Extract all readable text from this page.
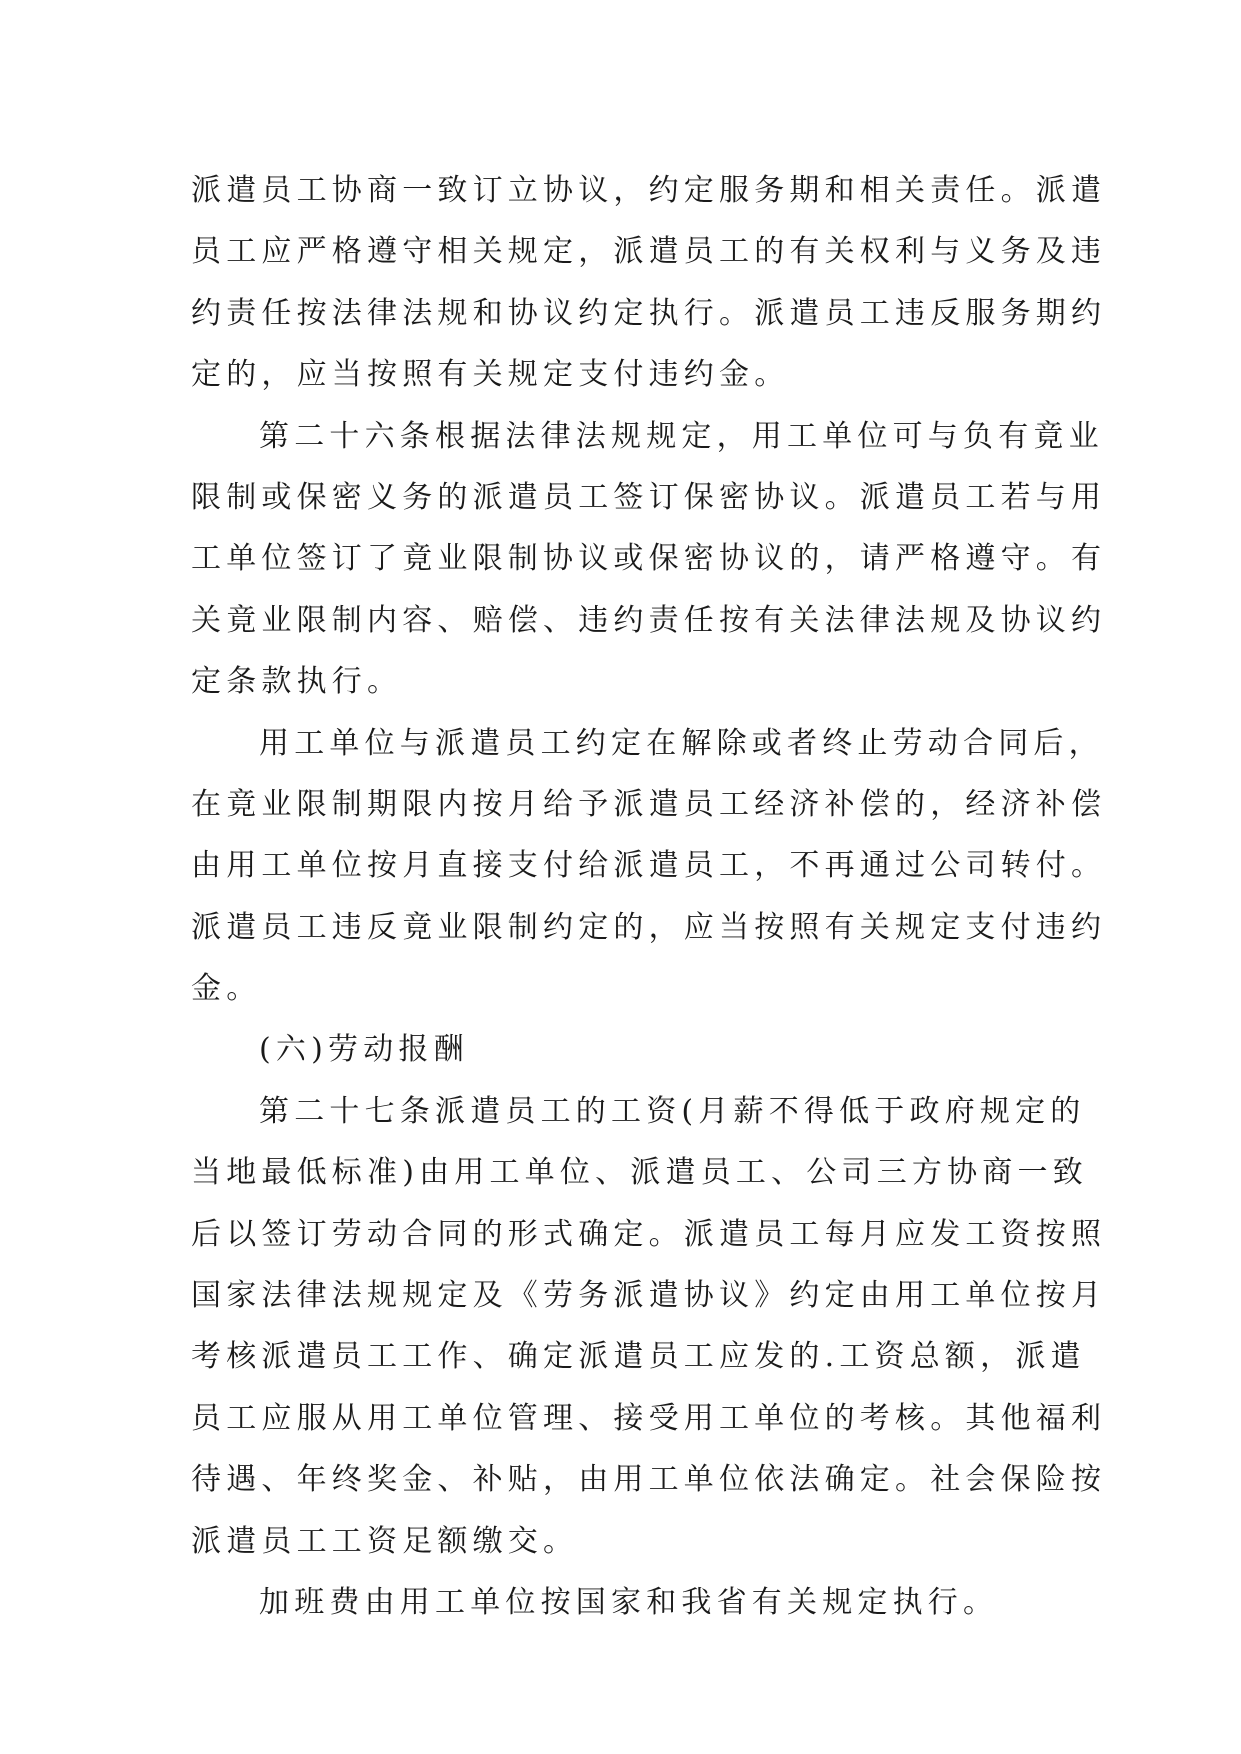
派遣员工协商一致订立协议，约定服务期和相关责任。派遣
员工应严格遵守相关规定，派遣员工的有关权利与义务及违
约责任按法律法规和协议约定执行。派遣员工违反服务期约
定的，应当按照有关规定支付违约金。
第二十六条根据法律法规规定，用工单位可与负有竟业
限制或保密义务的派遣员工签订保密协议。派遣员工若与用
工单位签订了竟业限制协议或保密协议的，请严格遵守。有
关竟业限制内容、赔偿、违约责任按有关法律法规及协议约
定条款执行。
用工单位与派遣员工约定在解除或者终止劳动合同后，
在竟业限制期限内按月给予派遣员工经济补偿的，经济补偿
由用工单位按月直接支付给派遣员工，不再通过公司转付。
派遣员工违反竟业限制约定的，应当按照有关规定支付违约
金。
(六)劳动报酬
第二十七条派遣员工的工资(月薪不得低于政府规定的
当地最低标准)由用工单位、派遣员工、公司三方协商一致
后以签订劳动合同的形式确定。派遣员工每月应发工资按照
国家法律法规规定及《劳务派遣协议》约定由用工单位按月
考核派遣员工工作、确定派遣员工应发的.工资总额，派遣
员工应服从用工单位管理、接受用工单位的考核。其他福利
待遇、年终奖金、补贴，由用工单位依法确定。社会保险按
派遣员工工资足额缴交。
加班费由用工单位按国家和我省有关规定执行。
